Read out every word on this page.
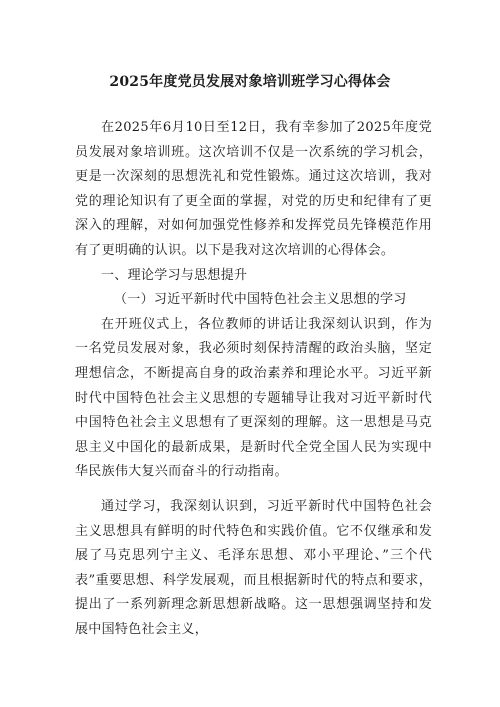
2025年度党员发展对象培训班学习心得体会

在2025年6月10日至12日，我有幸参加了2025年度党员发展对象培训班。这次培训不仅是一次系统的学习机会，更是一次深刻的思想洗礼和党性锻炼。通过这次培训，我对党的理论知识有了更全面的掌握，对党的历史和纪律有了更深入的理解，对如何加强党性修养和发挥党员先锋模范作用有了更明确的认识。以下是我对这次培训的心得体会。

一、理论学习与思想提升

（一）习近平新时代中国特色社会主义思想的学习

在开班仪式上，各位教师的讲话让我深刻认识到，作为一名党员发展对象，我必须时刻保持清醒的政治头脑，坚定理想信念，不断提高自身的政治素养和理论水平。习近平新时代中国特色社会主义思想的专题辅导让我对习近平新时代中国特色社会主义思想有了更深刻的理解。这一思想是马克思主义中国化的最新成果，是新时代全党全国人民为实现中华民族伟大复兴而奋斗的行动指南。

通过学习，我深刻认识到，习近平新时代中国特色社会主义思想具有鲜明的时代特色和实践价值。它不仅继承和发展了马克思列宁主义、毛泽东思想、邓小平理论、”三个代表”重要思想、科学发展观，而且根据新时代的特点和要求，提出了一系列新理念新思想新战略。这一思想强调坚持和发展中国特色社会主义，
